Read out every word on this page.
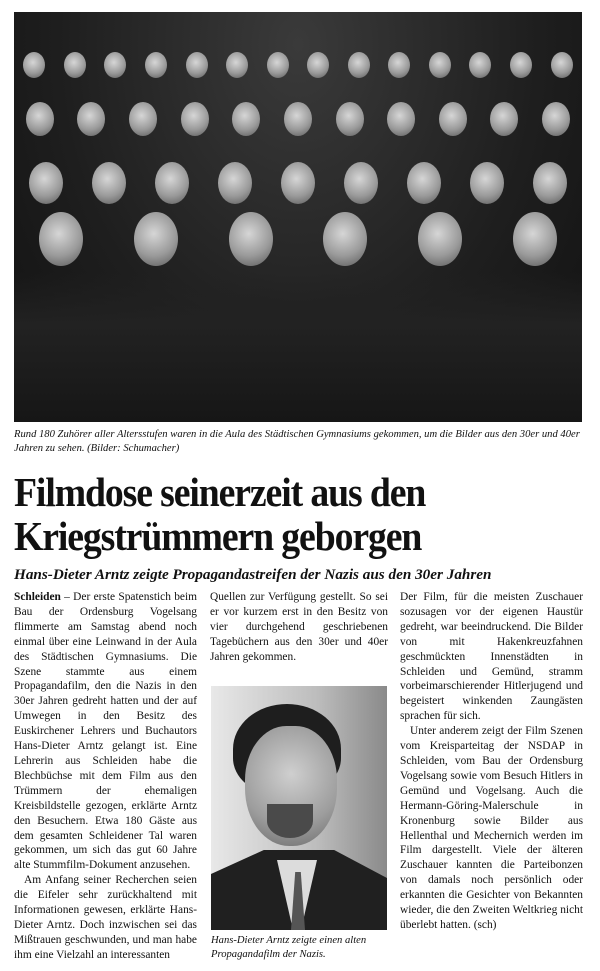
Rund 180 Zuhörer aller Altersstufen waren in die Aula des Städtischen Gymnasiums gekommen, um die Bilder aus den 30er und 40er Jahren zu sehen. (Bilder: Schumacher)
Filmdose seinerzeit aus den
Kriegstrümmern geborgen
Hans-Dieter Arntz zeigte Propagandastreifen der Nazis aus den 30er Jahren

Schleiden – Der erste Spatenstich beim Bau der Ordensburg Vogelsang flimmerte am Samstag abend noch einmal über eine Leinwand in der Aula des Städtischen Gymnasiums. Die Szene stammte aus einem Propagandafilm, den die Nazis in den 30er Jahren gedreht hatten und der auf Umwegen in den Besitz des Euskirchener Lehrers und Buchautors Hans-Dieter Arntz gelangt ist. Eine Lehrerin aus Schleiden habe die Blechbüchse mit dem Film aus den Trümmern der ehemaligen Kreisbildstelle gezogen, erklärte Arntz den Besuchern. Etwa 180 Gäste aus dem gesamten Schleidener Tal waren gekommen, um sich das gut 60 Jahre alte Stummfilm-Dokument anzusehen.

Am Anfang seiner Recherchen seien die Eifeler sehr zurückhaltend mit Informationen gewesen, erklärte Hans-Dieter Arntz. Doch inzwischen sei das Mißtrauen geschwunden, und man habe ihm eine Vielzahl an interessanten

Quellen zur Verfügung gestellt. So sei er vor kurzem erst in den Besitz von vier durchgehend geschriebenen Tagebüchern aus den 30er und 40er Jahren gekommen.

Hans-Dieter Arntz zeigte einen alten Propagandafilm der Nazis.

Der Film, für die meisten Zuschauer sozusagen vor der eigenen Haustür gedreht, war beeindruckend. Die Bilder von mit Hakenkreuzfahnen geschmückten Innenstädten in Schleiden und Gemünd, stramm vorbeimarschierender Hitlerjugend und begeistert winkenden Zaungästen sprachen für sich.

Unter anderem zeigt der Film Szenen vom Kreisparteitag der NSDAP in Schleiden, vom Bau der Ordensburg Vogelsang sowie vom Besuch Hitlers in Gemünd und Vogelsang. Auch die Hermann-Göring-Malerschule in Kronenburg sowie Bilder aus Hellenthal und Mechernich werden im Film dargestellt. Viele der älteren Zuschauer kannten die Parteibonzen von damals noch persönlich oder erkannten die Gesichter von Bekannten wieder, die den Zweiten Weltkrieg nicht überlebt hatten. (sch)
